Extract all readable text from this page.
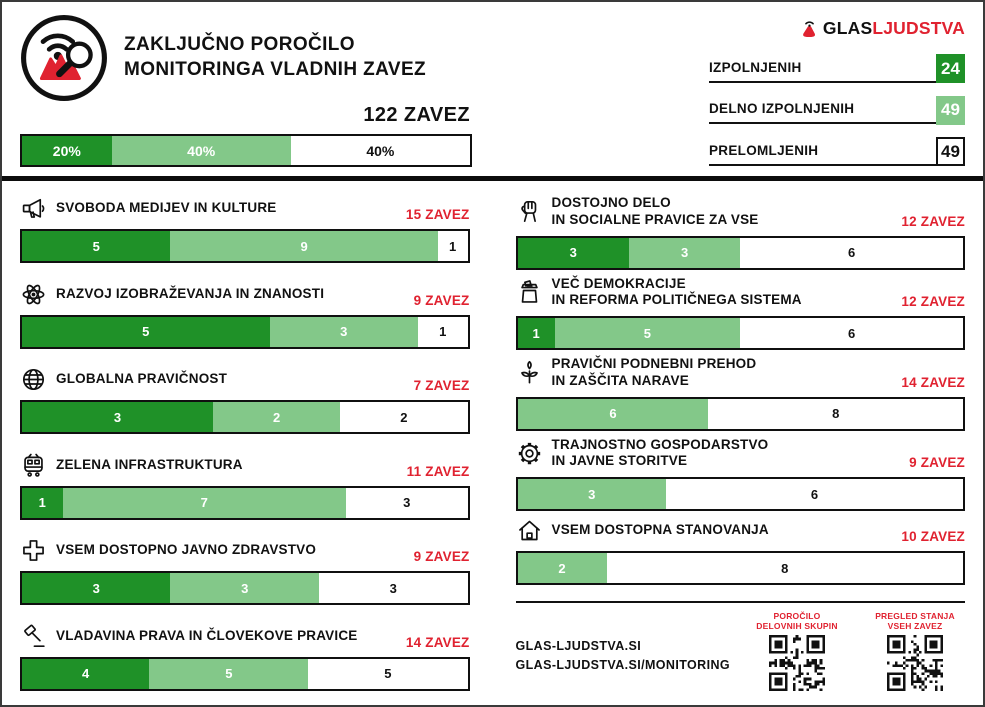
ZAKLJUČNO POROČILO
MONITORINGA VLADNIH ZAVEZ
122 ZAVEZ
20%	40%	40%
GLAS LJUDSTVA
IZPOLNJENIH	24
DELNO IZPOLNJENIH	49
PRELOMLJENIH	49
SVOBODA MEDIJEV IN KULTURE	15 ZAVEZ
5	9	1
RAZVOJ IZOBRAŽEVANJA IN ZNANOSTI	9 ZAVEZ
5	3	1
GLOBALNA PRAVIČNOST	7 ZAVEZ
3	2	2
ZELENA INFRASTRUKTURA	11 ZAVEZ
1	7	3
VSEM DOSTOPNO JAVNO ZDRAVSTVO	9 ZAVEZ
3	3	3
VLADAVINA PRAVA IN ČLOVEKOVE PRAVICE	14 ZAVEZ
4	5	5
DOSTOJNO DELO
IN SOCIALNE PRAVICE ZA VSE	12 ZAVEZ
3	3	6
VEČ DEMOKRACIJE
IN REFORMA POLITIČNEGA SISTEMA	12 ZAVEZ
1	5	6
PRAVIČNI PODNEBNI PREHOD
IN ZAŠČITA NARAVE	14 ZAVEZ
6	8
TRAJNOSTNO GOSPODARSTVO
IN JAVNE STORITVE	9 ZAVEZ
3	6
VSEM DOSTOPNA STANOVANJA	10 ZAVEZ
2	8
GLAS-LJUDSTVA.SI
GLAS-LJUDSTVA.SI/MONITORING
POROČILO
DELOVNIH SKUPIN
PREGLED STANJA
VSEH ZAVEZ
